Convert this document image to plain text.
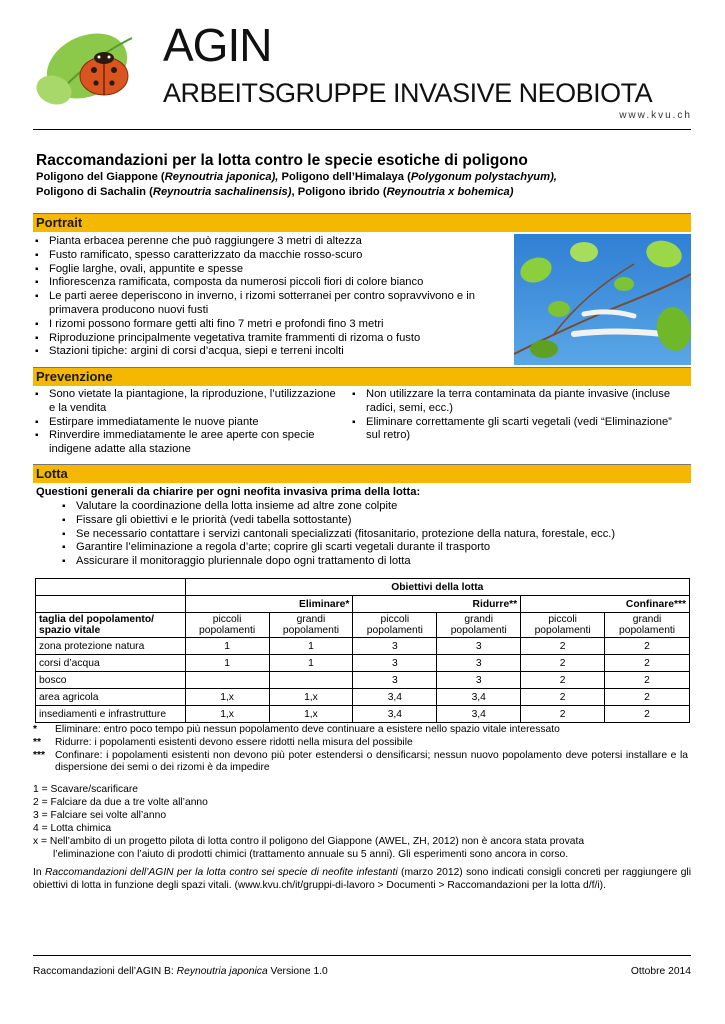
AGIN
ARBEITSGRUPPE INVASIVE NEOBIOTA
www.kvu.ch
Raccomandazioni per la lotta contro le specie esotiche di poligono
Poligono del Giappone (Reynoutria japonica), Poligono dell’Himalaya (Polygonum polystachyum),
Poligono di Sachalin (Reynoutria sachalinensis), Poligono ibrido (Reynoutria x bohemica)
Portrait
▪ Pianta erbacea perenne che può raggiungere 3 metri di altezza
▪ Fusto ramificato, spesso caratterizzato da macchie rosso-scuro
▪ Foglie larghe, ovali, appuntite e spesse
▪ Infiorescenza ramificata, composta da numerosi piccoli fiori di colore bianco
▪ Le parti aeree deperiscono in inverno, i rizomi sotterranei per contro sopravvivono e in primavera producono nuovi fusti
▪ I rizomi possono formare getti alti fino 7 metri e profondi fino 3 metri
▪ Riproduzione principalmente vegetativa tramite frammenti di rizoma o fusto
▪ Stazioni tipiche: argini di corsi d’acqua, siepi e terreni incolti
Prevenzione
▪ Sono vietate la piantagione, la riproduzione, l’utilizzazione e la vendita
▪ Estirpare immediatamente le nuove piante
▪ Rinverdire immediatamente le aree aperte con specie indigene adatte alla stazione
▪ Non utilizzare la terra contaminata da piante invasive (incluse radici, semi, ecc.)
▪ Eliminare correttamente gli scarti vegetali (vedi “Eliminazione” sul retro)
Lotta
Questioni generali da chiarire per ogni neofita invasiva prima della lotta:
▪ Valutare la coordinazione della lotta insieme ad altre zone colpite
▪ Fissare gli obiettivi e le priorità (vedi tabella sottostante)
▪ Se necessario contattare i servizi cantonali specializzati (fitosanitario, protezione della natura, forestale, ecc.)
▪ Garantire l’eliminazione a regola d’arte; coprire gli scarti vegetali durante il trasporto
▪ Assicurare il monitoraggio pluriennale dopo ogni trattamento di lotta
	Obiettivi della lotta					
	Eliminare*		Ridurre**		Confinare***	
taglia del popolamento/ spazio vitale	piccoli popolamenti	grandi popolamenti	piccoli popolamenti	grandi popolamenti	piccoli popolamenti	grandi popolamenti
zona protezione natura	1	1	3	3	2	2
corsi d’acqua	1	1	3	3	2	2
bosco			3	3	2	2
area agricola	1,x	1,x	3,4	3,4	2	2
insediamenti e infrastrutture	1,x	1,x	3,4	3,4	2	2
* Eliminare: entro poco tempo più nessun popolamento deve continuare a esistere nello spazio vitale interessato
** Ridurre: i popolamenti esistenti devono essere ridotti nella misura del possibile
*** Confinare: i popolamenti esistenti non devono più poter estendersi o densificarsi; nessun nuovo popolamento deve potersi installare e la dispersione dei semi o dei rizomi è da impedire
1 = Scavare/scarificare
2 = Falciare da due a tre volte all’anno
3 = Falciare sei volte all’anno
4 = Lotta chimica
x = Nell’ambito di un progetto pilota di lotta contro il poligono del Giappone (AWEL, ZH, 2012) non è ancora stata provata
l’eliminazione con l’aiuto di prodotti chimici (trattamento annuale su 5 anni). Gli esperimenti sono ancora in corso.
In Raccomandazioni dell’AGIN per la lotta contro sei specie di neofite infestanti (marzo 2012) sono indicati consigli concreti per raggiungere gli obiettivi di lotta in funzione degli spazi vitali. (www.kvu.ch/it/gruppi-di-lavoro > Documenti > Raccomandazioni per la lotta d/f/i).
Raccomandazioni dell’AGIN B: Reynoutria japonica Versione 1.0	Ottobre 2014
